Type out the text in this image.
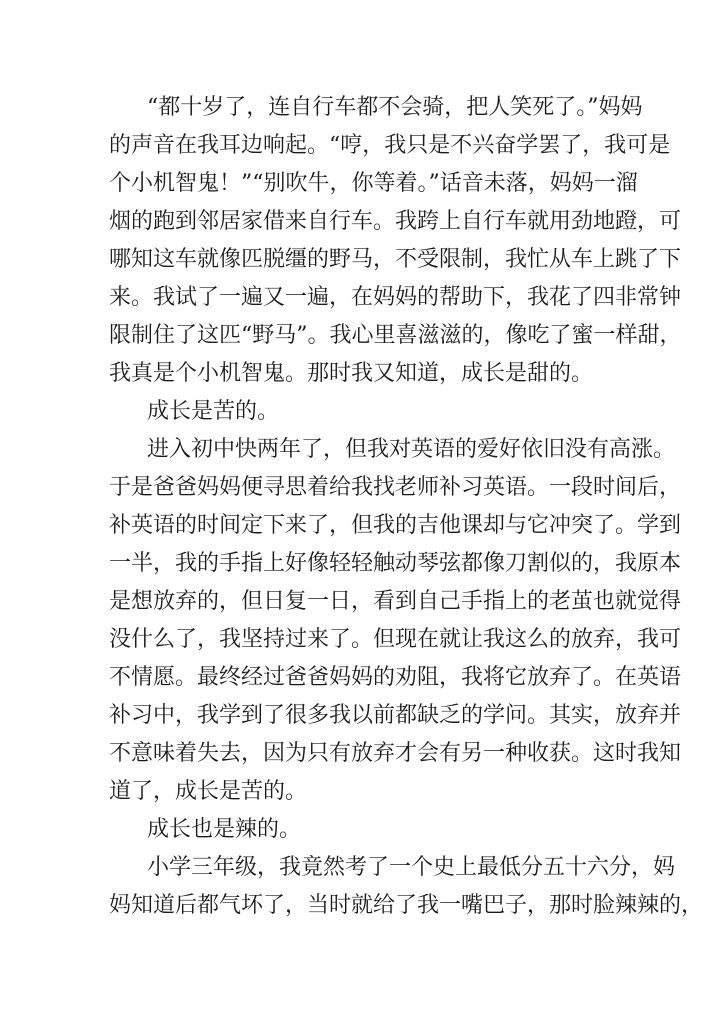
“都十岁了，连自行车都不会骑，把人笑死了。”妈妈
的声音在我耳边响起。“哼，我只是不兴奋学罢了，我可是
个小机智鬼！”“别吹牛，你等着。”话音未落，妈妈一溜
烟的跑到邻居家借来自行车。我跨上自行车就用劲地蹬，可
哪知这车就像匹脱缰的野马，不受限制，我忙从车上跳了下
来。我试了一遍又一遍，在妈妈的帮助下，我花了四非常钟
限制住了这匹“野马”。我心里喜滋滋的，像吃了蜜一样甜，
我真是个小机智鬼。那时我又知道，成长是甜的。
成长是苦的。
进入初中快两年了，但我对英语的爱好依旧没有高涨。
于是爸爸妈妈便寻思着给我找老师补习英语。一段时间后，
补英语的时间定下来了，但我的吉他课却与它冲突了。学到
一半，我的手指上好像轻轻触动琴弦都像刀割似的，我原本
是想放弃的，但日复一日，看到自己手指上的老茧也就觉得
没什么了，我坚持过来了。但现在就让我这么的放弃，我可
不情愿。最终经过爸爸妈妈的劝阻，我将它放弃了。在英语
补习中，我学到了很多我以前都缺乏的学问。其实，放弃并
不意味着失去，因为只有放弃才会有另一种收获。这时我知
道了，成长是苦的。
成长也是辣的。
小学三年级，我竟然考了一个史上最低分五十六分，妈
妈知道后都气坏了，当时就给了我一嘴巴子，那时脸辣辣的，
